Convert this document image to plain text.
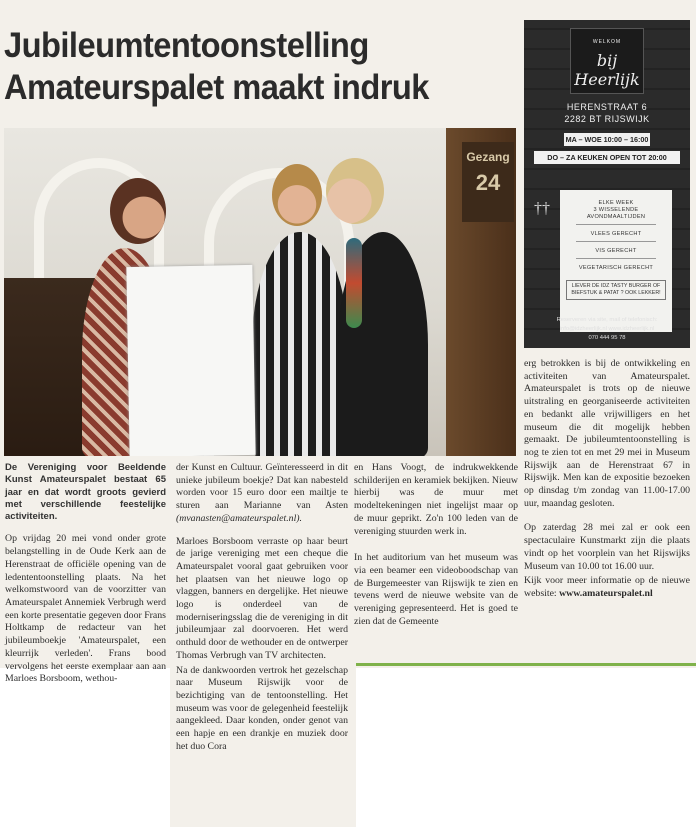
Jubileumtentoonstelling
Amateurspalet maakt indruk
Gezang
24
WELKOM
bij Heerlijk
HERENSTRAAT 6
2282 BT RIJSWIJK
MA – WOE 10:00 – 16:00
DO – ZA KEUKEN OPEN TOT 20:00
††	ELKE WEEK
3 WISSELENDE
AVONDMAALTIJDEN
VLEES GERECHT
VIS GERECHT
VEGETARISCH GERECHT
LIEVER DE IDZ TASTY BURGER OF BIEFSTUK & PATAT ? OOK LEKKER!
Reserveren via site, mail of telefonisch:
info@idzheerlijk.nl www.idzheerlijk.nl
070 444 95 78

De Vereniging voor Beeldende Kunst Amateurspalet bestaat 65 jaar en dat wordt groots gevierd met verschillende feestelijke activiteiten.

Op vrijdag 20 mei vond onder grote belangstelling in de Oude Kerk aan de Herenstraat de officiële opening van de ledententoonstelling plaats. Na het welkomstwoord van de voorzitter van Amateurspalet Annemiek Verbrugh werd een korte presentatie gegeven door Frans Holtkamp de redacteur van het jubileumboekje 'Amateurspalet, een kleurrijk verleden'. Frans bood vervolgens het eerste exemplaar aan aan Marloes Borsboom, wethou-

der Kunst en Cultuur. Geïnteresseerd in dit unieke jubileum boekje? Dat kan nabesteld worden voor 15 euro door een mailtje te sturen aan Marianne van Asten (mvanasten@amateurspalet.nl).

Marloes Borsboom verraste op haar beurt de jarige vereniging met een cheque die Amateurspalet vooral gaat gebruiken voor het plaatsen van het nieuwe logo op vlaggen, banners en dergelijke. Het nieuwe logo is onderdeel van de moderniseringsslag die de vereniging in dit jubileumjaar zal doorvoeren. Het werd onthuld door de wethouder en de ontwerper Thomas Verbrugh van TV architecten.

Na de dankwoorden vertrok het gezelschap naar Museum Rijswijk voor de bezichtiging van de tentoonstelling. Het museum was voor de gelegenheid feestelijk aangekleed. Daar konden, onder genot van een hapje en een drankje en muziek door het duo Cora

en Hans Voogt, de indrukwekkende schilderijen en keramiek bekijken. Nieuw hierbij was de muur met modeltekeningen niet ingelijst maar op de muur geprikt. Zo'n 100 leden van de vereniging stuurden werk in.

In het auditorium van het museum was via een beamer een videoboodschap van de Burgemeester van Rijswijk te zien en tevens werd de nieuwe website van de vereniging gepresenteerd. Het is goed te zien dat de Gemeente

erg betrokken is bij de ontwikkeling en activiteiten van Amateurspalet. Amateurspalet is trots op de nieuwe uitstraling en georganiseerde activiteiten en bedankt alle vrijwilligers en het museum die dit mogelijk hebben gemaakt. De jubileumtentoonstelling is nog te zien tot en met 29 mei in Museum Rijswijk aan de Herenstraat 67 in Rijswijk. Men kan de expositie bezoeken op dinsdag t/m zondag van 11.00-17.00 uur, maandag gesloten.

Op zaterdag 28 mei zal er ook een spectaculaire Kunstmarkt zijn die plaats vindt op het voorplein van het Rijswijks Museum van 10.00 tot 16.00 uur.

Kijk voor meer informatie op de nieuwe website: www.amateurspalet.nl
